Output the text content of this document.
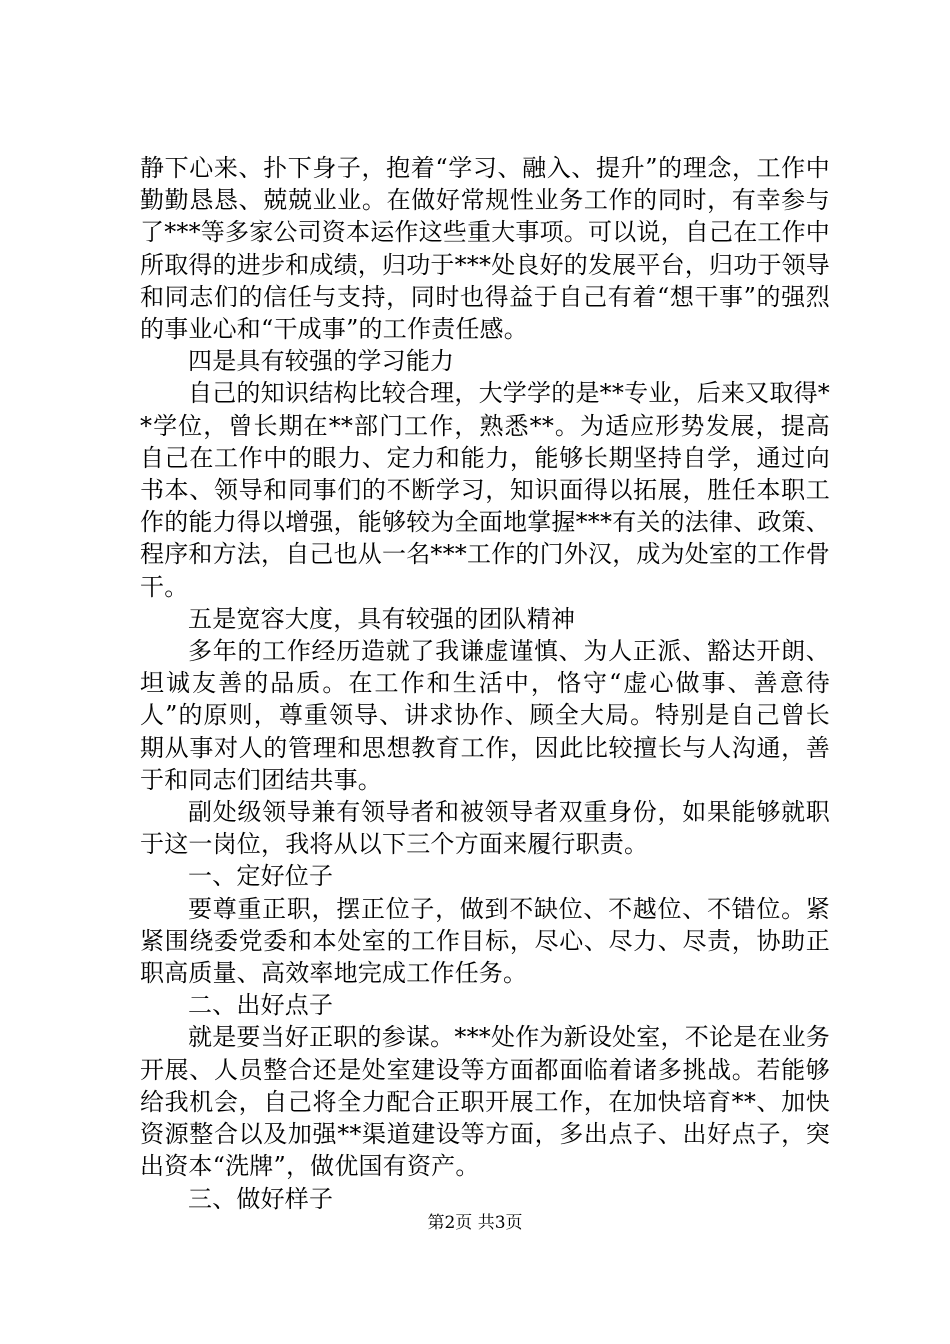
静下心来、扑下身子，抱着“学习、融入、提升”的理念，工作中勤勤恳恳、兢兢业业。在做好常规性业务工作的同时，有幸参与了***等多家公司资本运作这些重大事项。可以说，自己在工作中所取得的进步和成绩，归功于***处良好的发展平台，归功于领导和同志们的信任与支持，同时也得益于自己有着“想干事”的强烈的事业心和“干成事”的工作责任感。

四是具有较强的学习能力

自己的知识结构比较合理，大学学的是**专业，后来又取得**学位，曾长期在**部门工作，熟悉**。为适应形势发展，提高自己在工作中的眼力、定力和能力，能够长期坚持自学，通过向书本、领导和同事们的不断学习，知识面得以拓展，胜任本职工作的能力得以增强，能够较为全面地掌握***有关的法律、政策、程序和方法，自己也从一名***工作的门外汉，成为处室的工作骨干。

五是宽容大度，具有较强的团队精神

多年的工作经历造就了我谦虚谨慎、为人正派、豁达开朗、坦诚友善的品质。在工作和生活中，恪守“虚心做事、善意待人”的原则，尊重领导、讲求协作、顾全大局。特别是自己曾长期从事对人的管理和思想教育工作，因此比较擅长与人沟通，善于和同志们团结共事。

副处级领导兼有领导者和被领导者双重身份，如果能够就职于这一岗位，我将从以下三个方面来履行职责。

一、定好位子

要尊重正职，摆正位子，做到不缺位、不越位、不错位。紧紧围绕委党委和本处室的工作目标，尽心、尽力、尽责，协助正职高质量、高效率地完成工作任务。

二、出好点子

就是要当好正职的参谋。***处作为新设处室，不论是在业务开展、人员整合还是处室建设等方面都面临着诸多挑战。若能够给我机会，自己将全力配合正职开展工作，在加快培育**、加快资源整合以及加强**渠道建设等方面，多出点子、出好点子，突出资本“洗牌”，做优国有资产。

三、做好样子

第2页 共3页
